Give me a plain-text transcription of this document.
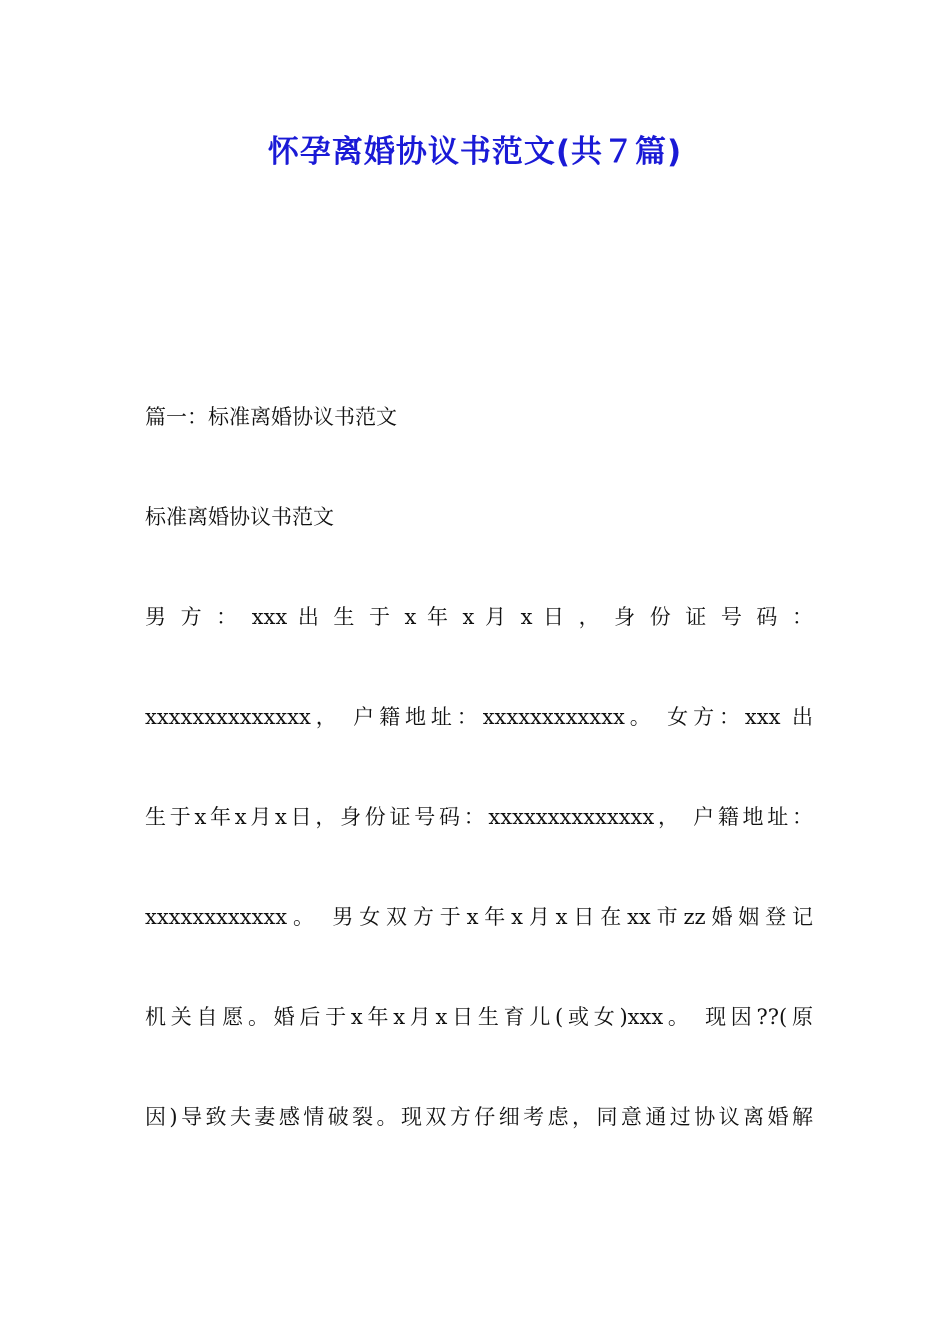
怀孕离婚协议书范文(共７篇)

篇一：标准离婚协议书范文

标准离婚协议书范文

男 方 ： xxx 出 生 于 x 年 x 月 x 日 ， 身 份 证 号 码 ：

xxxxxxxxxxxxxx， 户籍地址：xxxxxxxxxxxx。 女方：xxx 出

生于x年x月x日，身份证号码：xxxxxxxxxxxxxx， 户籍地址：

xxxxxxxxxxxx。 男女双方于x年x月x日在xx市zz婚姻登记

机关自愿。婚后于x年x月x日生育儿(或女)xxx。 现因??(原

因)导致夫妻感情破裂。现双方仔细考虑，同意通过协议离婚解
